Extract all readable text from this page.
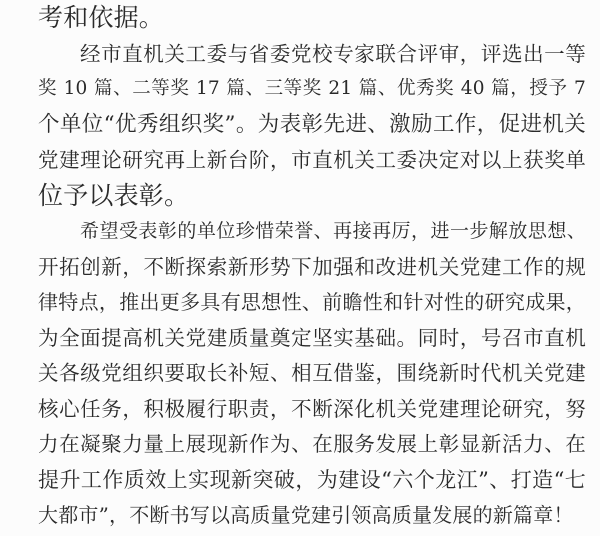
考和依据。
经市直机关工委与省委党校专家联合评审，评选出一等
奖 10 篇、二等奖 17 篇、三等奖 21 篇、优秀奖 40 篇，授予 7
个单位“优秀组织奖”。为表彰先进、激励工作，促进机关
党建理论研究再上新台阶，市直机关工委决定对以上获奖单
位予以表彰。
希望受表彰的单位珍惜荣誉、再接再厉，进一步解放思想、
开拓创新，不断探索新形势下加强和改进机关党建工作的规
律特点，推出更多具有思想性、前瞻性和针对性的研究成果，
为全面提高机关党建质量奠定坚实基础。同时，号召市直机
关各级党组织要取长补短、相互借鉴，围绕新时代机关党建
核心任务，积极履行职责，不断深化机关党建理论研究，努
力在凝聚力量上展现新作为、在服务发展上彰显新活力、在
提升工作质效上实现新突破，为建设“六个龙江”、打造“七
大都市”，不断书写以高质量党建引领高质量发展的新篇章！
